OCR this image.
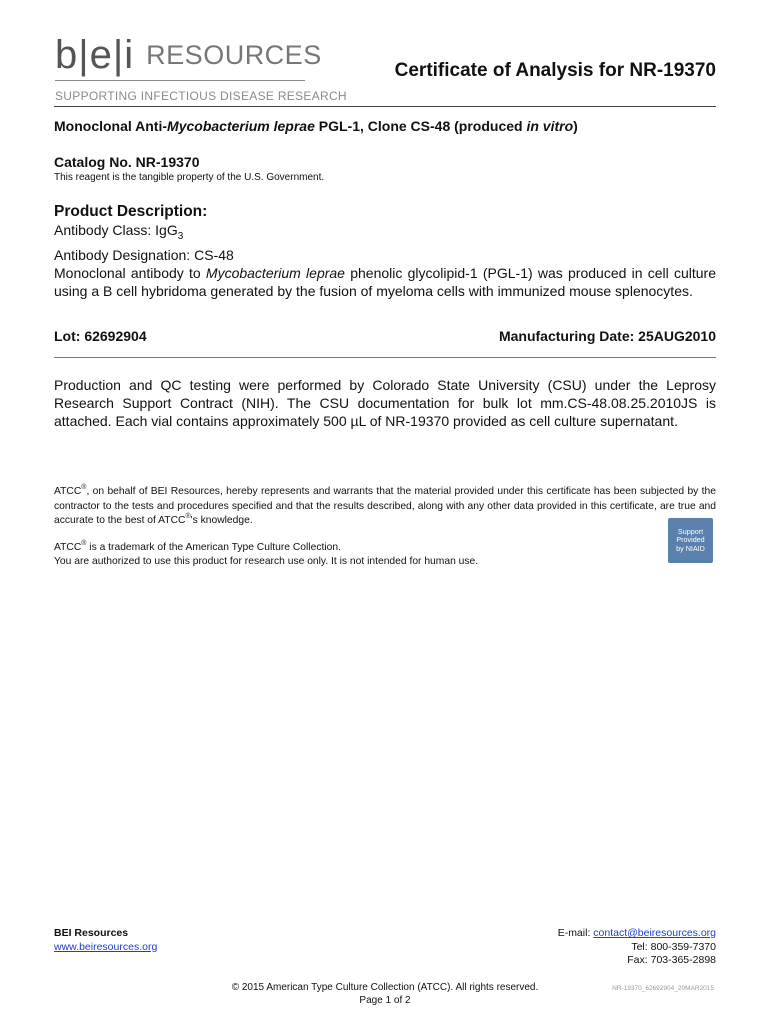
b|e|i RESOURCES
SUPPORTING INFECTIOUS DISEASE RESEARCH
Certificate of Analysis for NR-19370
Monoclonal Anti-Mycobacterium leprae PGL-1, Clone CS-48 (produced in vitro)
Catalog No. NR-19370
This reagent is the tangible property of the U.S. Government.
Product Description:
Antibody Class: IgG$_3$
Antibody Designation: CS-48
Monoclonal antibody to Mycobacterium leprae phenolic glycolipid-1 (PGL-1) was produced in cell culture using a B cell hybridoma generated by the fusion of myeloma cells with immunized mouse splenocytes.
Lot: 62692904	Manufacturing Date: 25AUG2010
Production and QC testing were performed by Colorado State University (CSU) under the Leprosy Research Support Contract (NIH). The CSU documentation for bulk lot mm.CS-48.08.25.2010JS is attached. Each vial contains approximately 500 µL of NR-19370 provided as cell culture supernatant.
ATCC®, on behalf of BEI Resources, hereby represents and warrants that the material provided under this certificate has been subjected by the contractor to the tests and procedures specified and that the results described, along with any other data provided in this certificate, are true and accurate to the best of ATCC®'s knowledge.
ATCC® is a trademark of the American Type Culture Collection.
You are authorized to use this product for research use only. It is not intended for human use.
Support
Provided
by NIAID
BEI Resources
www.beiresources.org
E-mail: contact@beiresources.org
Tel: 800-359-7370
Fax: 703-365-2898
© 2015 American Type Culture Collection (ATCC). All rights reserved.
Page 1 of 2
NR-19370_62692904_20MAR2015
